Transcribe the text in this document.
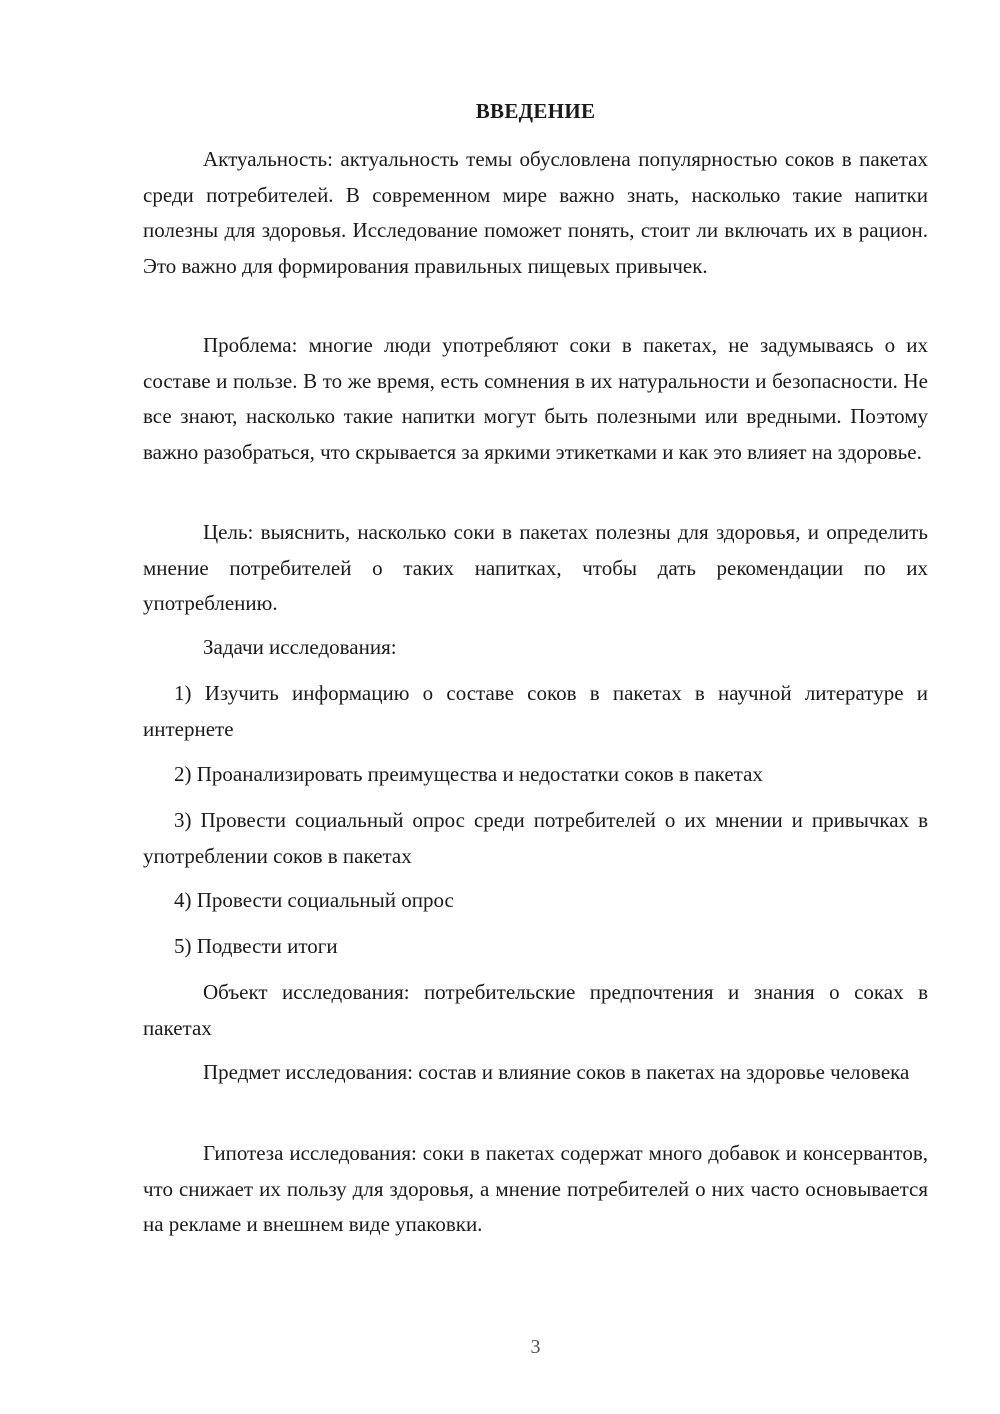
ВВЕДЕНИЕ

Актуальность: актуальность темы обусловлена популярностью соков в пакетах среди потребителей. В современном мире важно знать, насколько такие напитки полезны для здоровья. Исследование поможет понять, стоит ли включать их в рацион. Это важно для формирования правильных пищевых привычек.

Проблема: многие люди употребляют соки в пакетах, не задумываясь о их составе и пользе. В то же время, есть сомнения в их натуральности и безопасности. Не все знают, насколько такие напитки могут быть полезными или вредными. Поэтому важно разобраться, что скрывается за яркими этикетками и как это влияет на здоровье.

Цель: выяснить, насколько соки в пакетах полезны для здоровья, и определить мнение потребителей о таких напитках, чтобы дать рекомендации по их употреблению.

Задачи исследования:

1) Изучить информацию о составе соков в пакетах в научной литературе и интернете

2) Проанализировать преимущества и недостатки соков в пакетах

3) Провести социальный опрос среди потребителей о их мнении и привычках в употреблении соков в пакетах

4) Провести социальный опрос

5) Подвести итоги

Объект исследования: потребительские предпочтения и знания о соках в пакетах

Предмет исследования: состав и влияние соков в пакетах на здоровье человека

Гипотеза исследования: соки в пакетах содержат много добавок и консервантов, что снижает их пользу для здоровья, а мнение потребителей о них часто основывается на рекламе и внешнем виде упаковки.

3
